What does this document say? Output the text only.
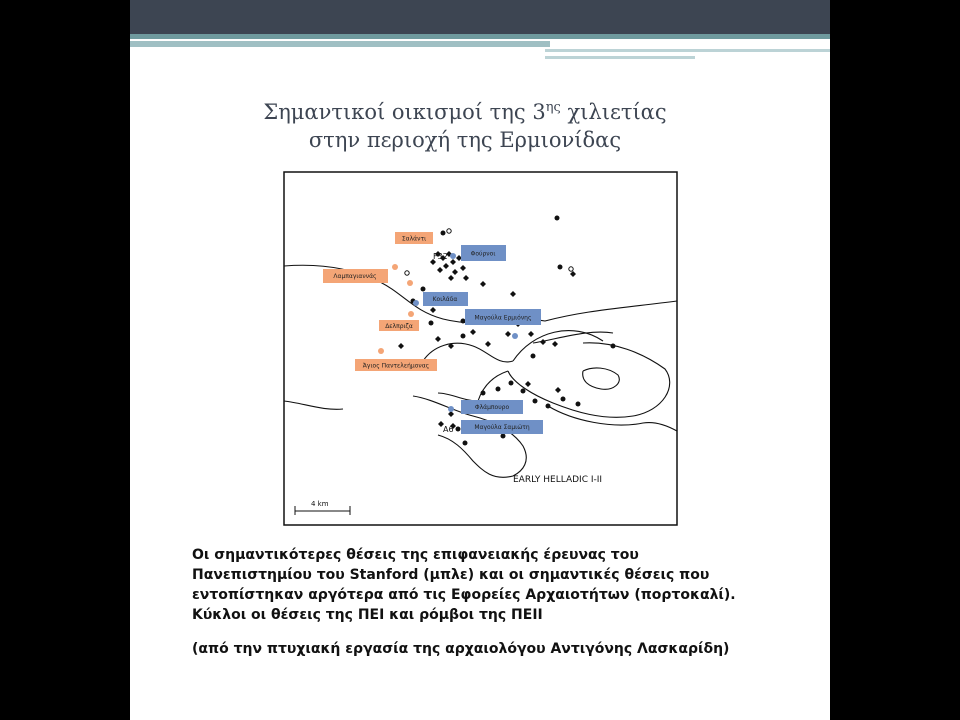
Σημαντικοί οικισμοί της $3^{\eta\varsigma}$ χιλιετίας
στην περιοχή της Ερμιονίδας
Σαλάντι
Λαμπαγιαννάς
Δελπριζα
Άγιος Παντελεήμονας
Φούρνοι
Κοιλάδα
Μαγούλα Ερμιόνης
Φλάμπουρο
Μαγούλα Σαμιώτη
F32
A6
EARLY HELLADIC I-II
4 km

Οι σημαντικότερες θέσεις της επιφανειακής έρευνας του

Πανεπιστημίου του Stanford (μπλε) και οι σημαντικές θέσεις που

εντοπίστηκαν αργότερα από τις Εφορείες Αρχαιοτήτων (πορτοκαλί).

Κύκλοι οι θέσεις της ΠΕΙ και ρόμβοι της ΠΕΙΙ

(από την πτυχιακή εργασία της αρχαιολόγου Αντιγόνης Λασκαρίδη)
